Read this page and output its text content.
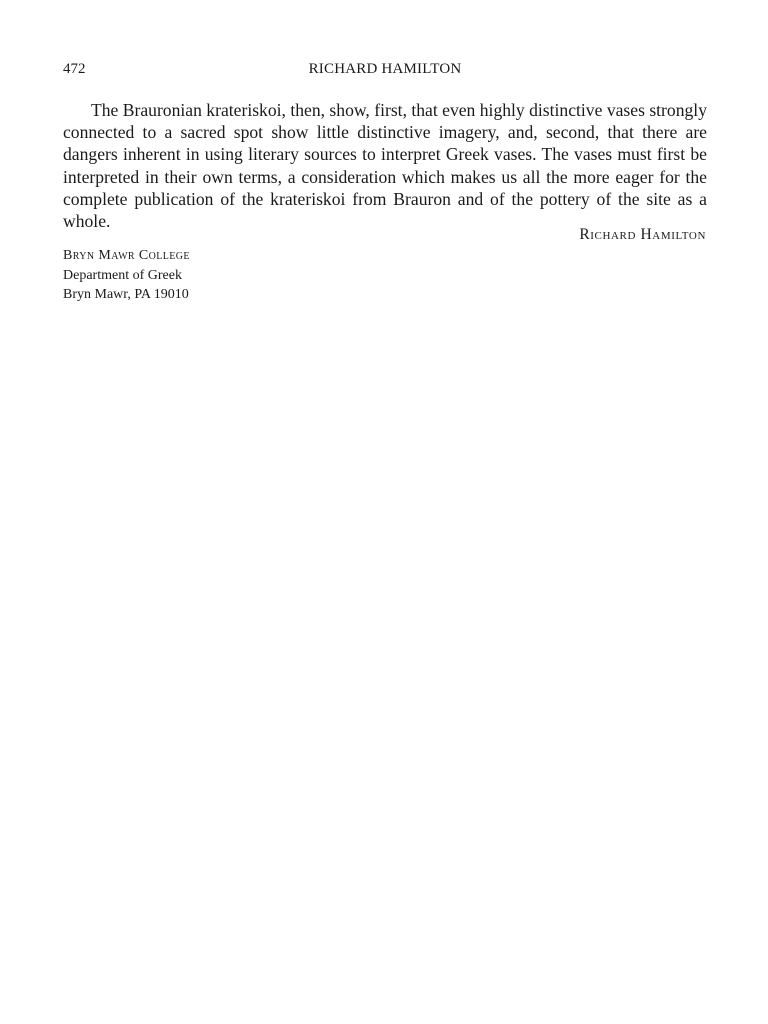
472	RICHARD HAMILTON

The Brauronian krateriskoi, then, show, first, that even highly distinctive vases strongly connected to a sacred spot show little distinctive imagery, and, second, that there are dangers inherent in using literary sources to interpret Greek vases. The vases must first be interpreted in their own terms, a consideration which makes us all the more eager for the complete publication of the krateriskoi from Brauron and of the pottery of the site as a whole.

Richard Hamilton
Bryn Mawr College
Department of Greek
Bryn Mawr, PA 19010
